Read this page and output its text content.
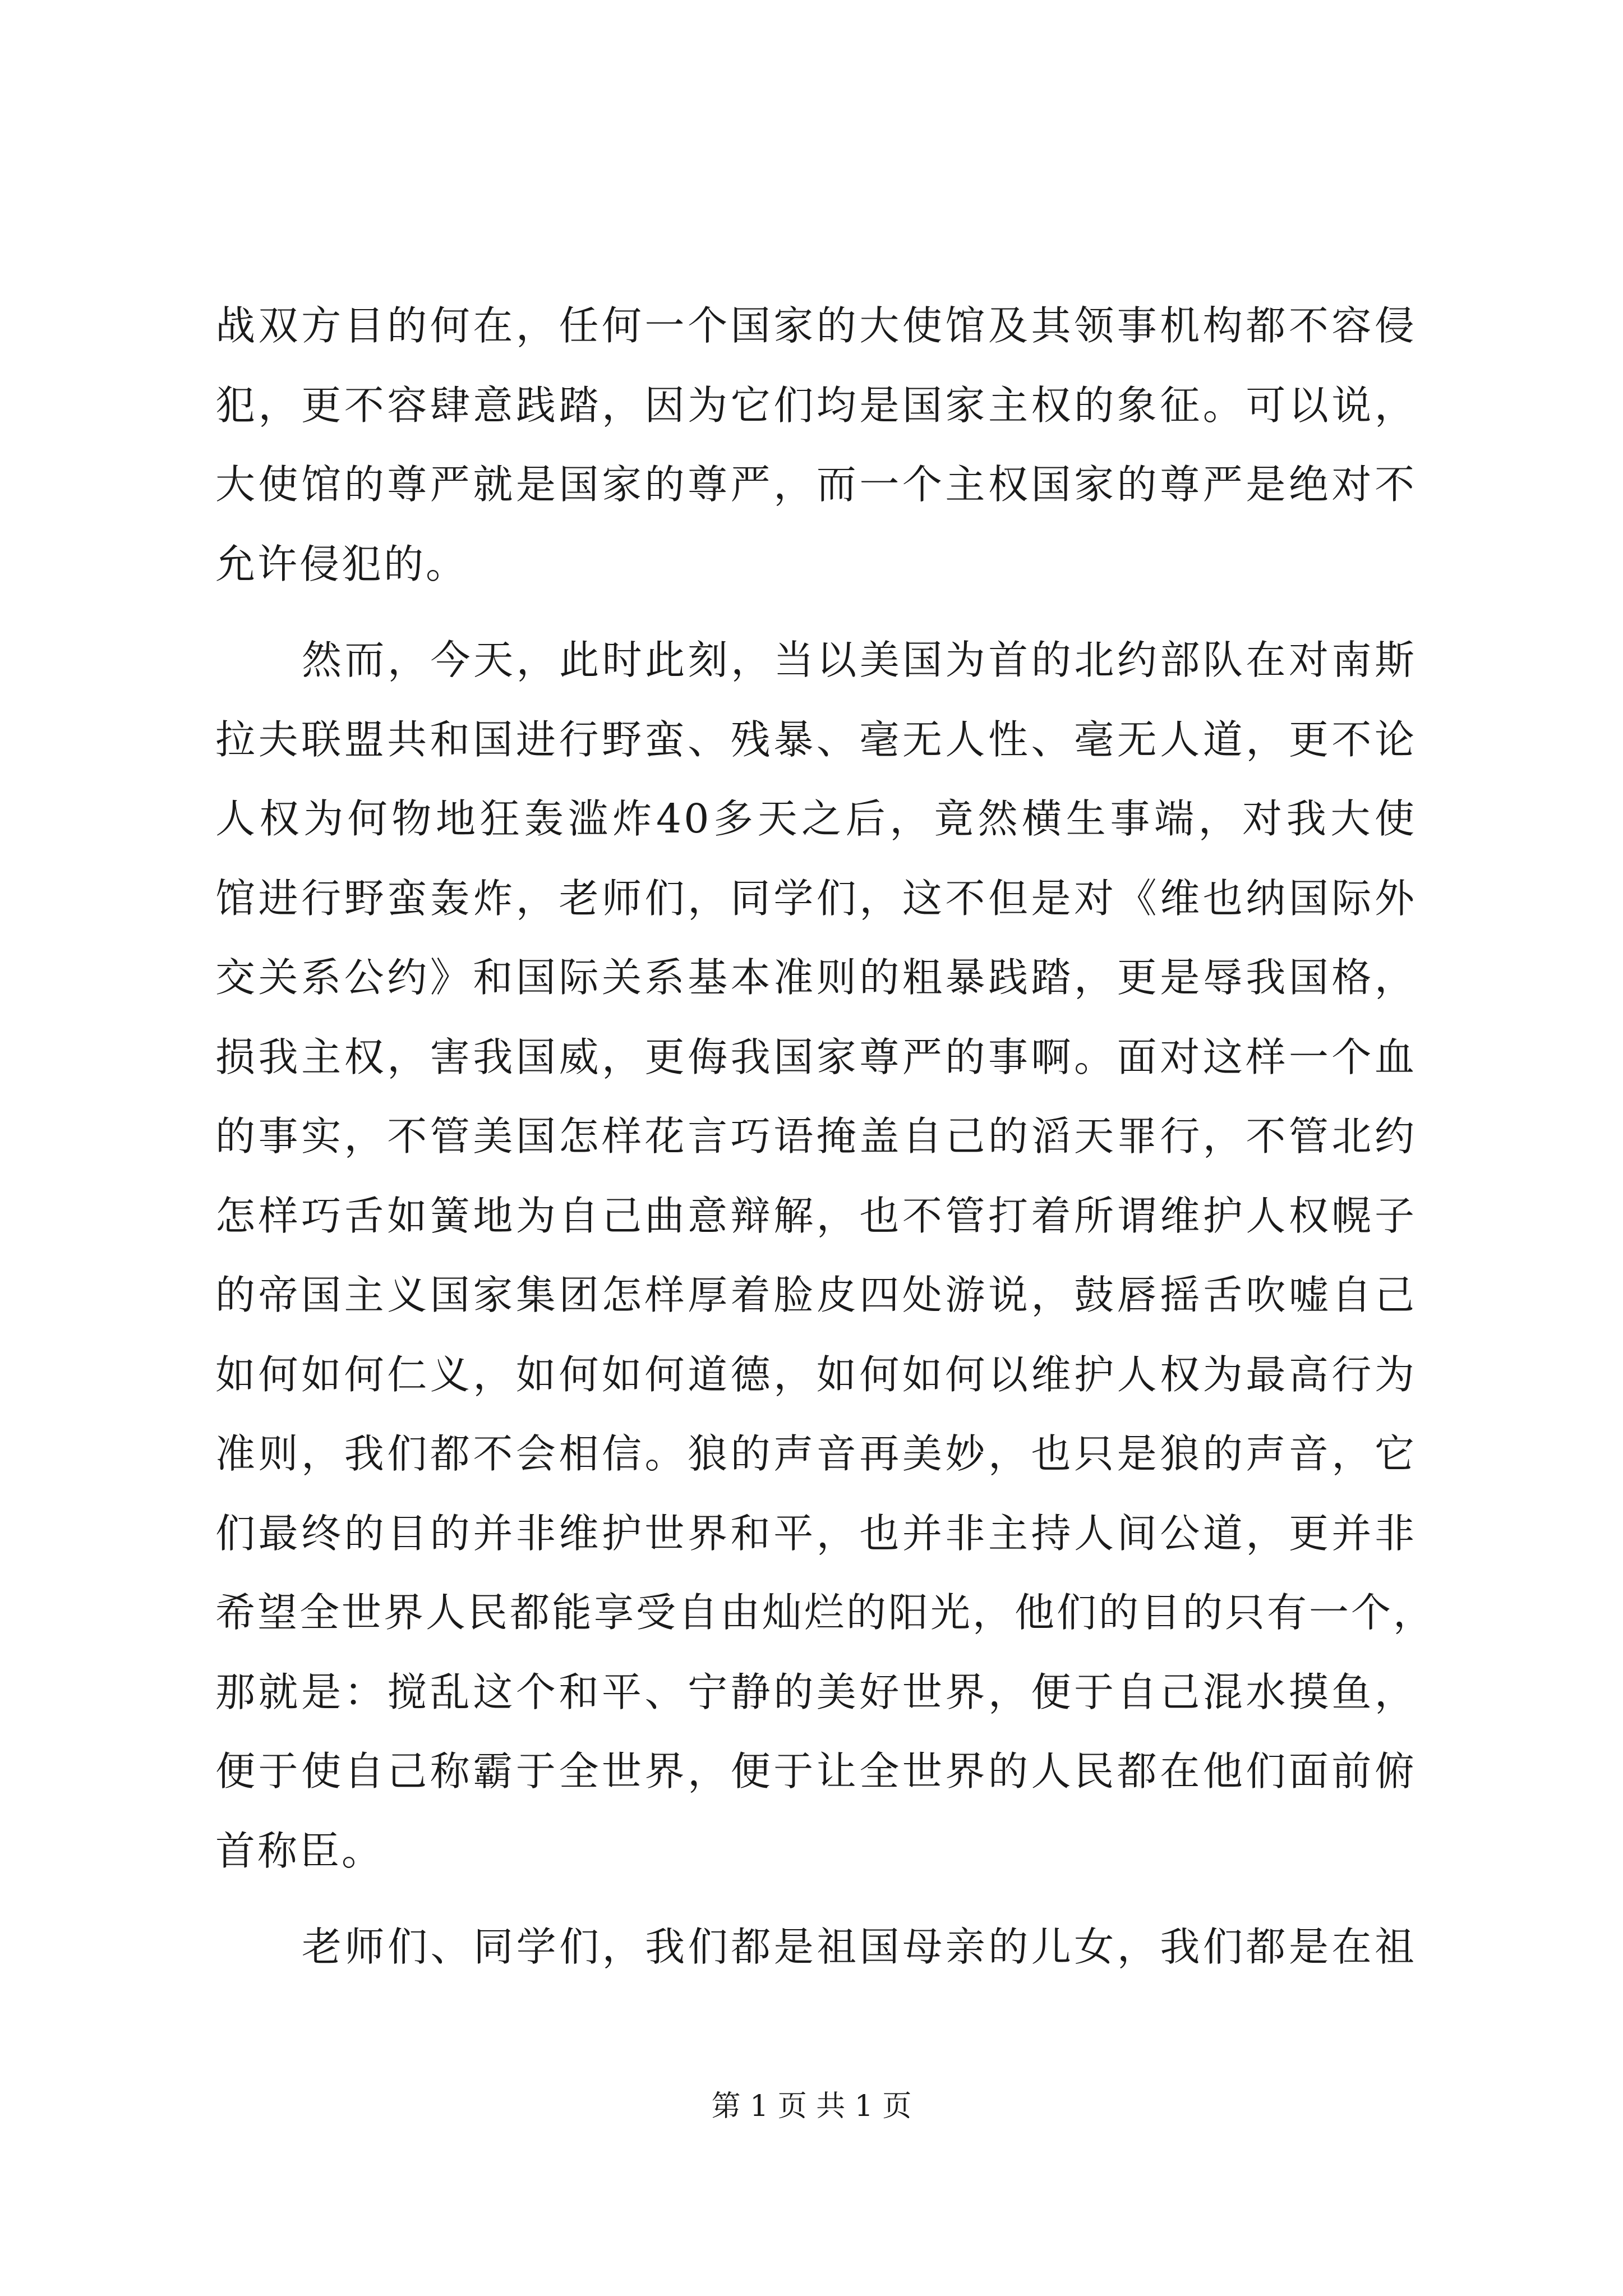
战双方目的何在，任何一个国家的大使馆及其领事机构都不容侵
犯，更不容肆意践踏，因为它们均是国家主权的象征。可以说，
大使馆的尊严就是国家的尊严，而一个主权国家的尊严是绝对不
允许侵犯的。
然而，今天，此时此刻，当以美国为首的北约部队在对南斯
拉夫联盟共和国进行野蛮、残暴、毫无人性、毫无人道，更不论
人权为何物地狂轰滥炸40多天之后，竟然横生事端，对我大使
馆进行野蛮轰炸，老师们，同学们，这不但是对《维也纳国际外
交关系公约》和国际关系基本准则的粗暴践踏，更是辱我国格，
损我主权，害我国威，更侮我国家尊严的事啊。面对这样一个血
的事实，不管美国怎样花言巧语掩盖自己的滔天罪行，不管北约
怎样巧舌如簧地为自己曲意辩解，也不管打着所谓维护人权幌子
的帝国主义国家集团怎样厚着脸皮四处游说，鼓唇摇舌吹嘘自己
如何如何仁义，如何如何道德，如何如何以维护人权为最高行为
准则，我们都不会相信。狼的声音再美妙，也只是狼的声音，它
们最终的目的并非维护世界和平，也并非主持人间公道，更并非
希望全世界人民都能享受自由灿烂的阳光，他们的目的只有一个，
那就是：搅乱这个和平、宁静的美好世界，便于自己混水摸鱼，
便于使自己称霸于全世界，便于让全世界的人民都在他们面前俯
首称臣。
老师们、同学们，我们都是祖国母亲的儿女，我们都是在祖
第 1 页 共 1 页
